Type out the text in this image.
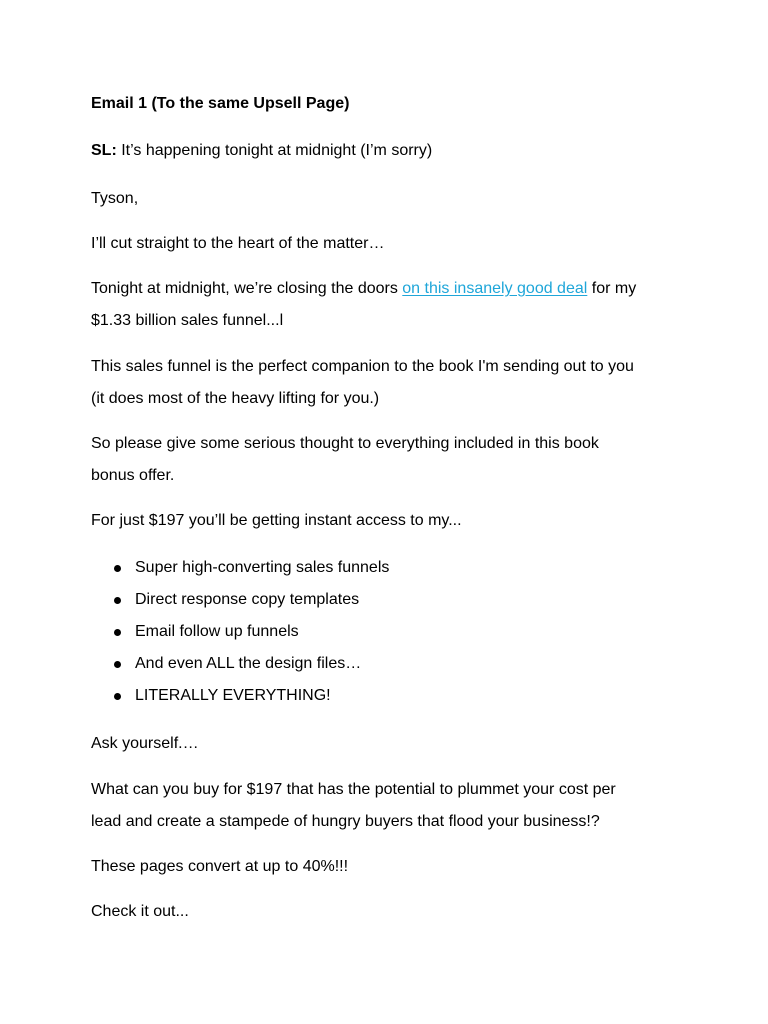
Email 1 (To the same Upsell Page)
SL: It’s happening tonight at midnight (I’m sorry)
Tyson,
I’ll cut straight to the heart of the matter…
Tonight at midnight, we’re closing the doors on this insanely good deal for my
$1.33 billion sales funnel...l
This sales funnel is the perfect companion to the book I'm sending out to you
(it does most of the heavy lifting for you.)
So please give some serious thought to everything included in this book
bonus offer.
For just $197 you’ll be getting instant access to my...
Super high-converting sales funnels
Direct response copy templates
Email follow up funnels
And even ALL the design files…
LITERALLY EVERYTHING!
Ask yourself.…
What can you buy for $197 that has the potential to plummet your cost per
lead and create a stampede of hungry buyers that flood your business!?
These pages convert at up to 40%!!!
Check it out...
